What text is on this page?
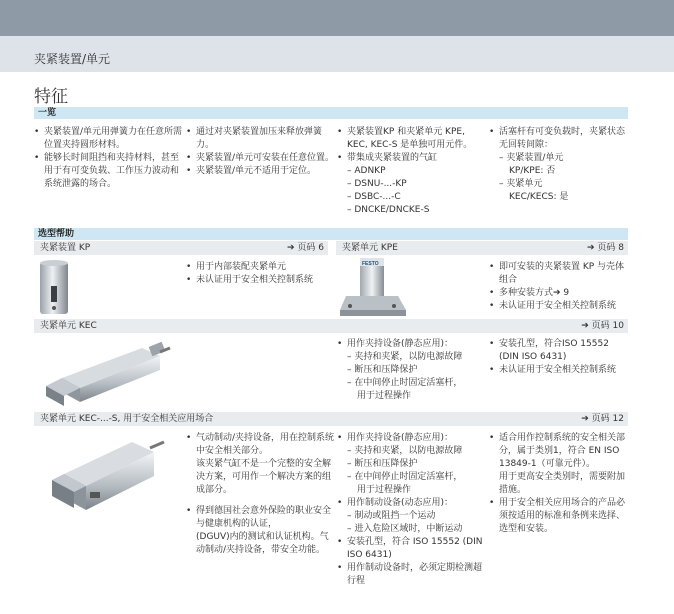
夹紧装置/单元
特征
一览
• 夹紧装置/单元用弹簧力在任意所需位置夹持圆形材料。
• 能够长时间阻挡和夹持材料，甚至用于有可变负载、工作压力波动和系统泄露的场合。
• 通过对夹紧装置加压来释放弹簧力。
• 夹紧装置/单元可安装在任意位置。
• 夹紧装置/单元不适用于定位。
• 夹紧装置KP 和夹紧单元 KPE, KEC, KEC-S 是单独可用元件。
• 带集成夹紧装置的气缸
– ADNKP
– DSNU-...-KP
– DSBC-...-C
– DNCKE/DNCKE-S
• 活塞杆有可变负载时，夹紧状态无回转间隙：
– 夹紧装置/单元
KP/KPE: 否
– 夹紧单元
KEC/KECS: 是
选型帮助
夹紧装置 KP	➔ 页码 6	夹紧单元 KPE	➔ 页码 8
• 用于内部装配夹紧单元
• 未认证用于安全相关控制系统
FESTO
•	即可安装的夹紧装置 KP 与壳体组合
• 多种安装方式➔ 9
• 未认证用于安全相关控制系统
夹紧单元 KEC	➔ 页码 10
• 用作夹持设备(静态应用)：
– 夹持和夹紧，以防电源故障
– 断压和压降保护
– 在中间停止时固定活塞杆，
用于过程操作
• 安装孔型，符合ISO 15552 (DIN ISO 6431)
• 未认证用于安全相关控制系统
夹紧单元 KEC-...-S, 用于安全相关应用场合	➔ 页码 12
• 气动制动/夹持设备，用在控制系统中安全相关部分。
该夹紧气缸不是一个完整的安全解决方案，可用作一个解决方案的组成部分。
• 得到德国社会意外保险的职业安全与健康机构的认证，
(DGUV)内的测试和认证机构。气动制动/夹持设备，带安全功能。
• 用作夹持设备(静态应用)：
– 夹持和夹紧，以防电源故障
– 断压和压降保护
– 在中间停止时固定活塞杆，
用于过程操作
• 用作制动设备(动态应用)：
– 制动或阻挡一个运动
– 进入危险区域时，中断运动
• 安装孔型，符合 ISO 15552 (DIN ISO 6431)
• 用作制动设备时，必须定期检测超行程
• 适合用作控制系统的安全相关部分，属于类别1，符合 EN ISO 13849-1（可靠元件）。
用于更高安全类别时，需要附加措施。
• 用于安全相关应用场合的产品必须按适用的标准和条例来选择、选型和安装。
